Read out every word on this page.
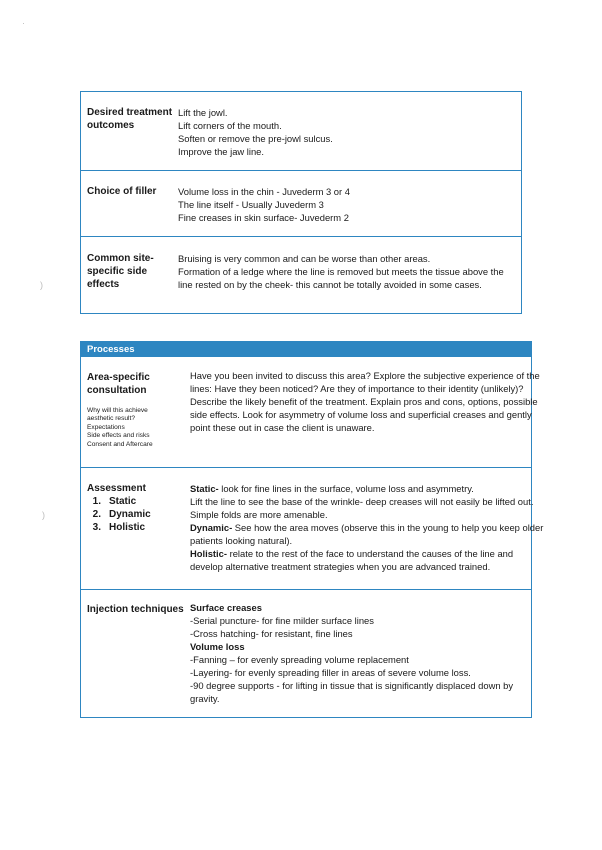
Desired treatment
outcomes
Lift the jowl.
Lift corners of the mouth.
Soften or remove the pre-jowl sulcus.
Improve the jaw line.
Choice of filler Volume loss in the chin - Juvederm 3 or 4
The line itself - Usually Juvederm 3
Fine creases in skin surface- Juvederm 2
Common site-
specific side
effects
Bruising is very common and can be worse than other areas.
Formation of a ledge where the line is removed but meets the tissue above the
line rested on by the cheek- this cannot be totally avoided in some cases.
Processes
Area-specific
consultation
Why will this achieve
aesthetic result?
Expectations
Side effects and risks
Consent and Aftercare
Have you been invited to discuss this area? Explore the subjective experience of the
lines: Have they been noticed? Are they of importance to their identity (unlikely)?
Describe the likely benefit of the treatment. Explain pros and cons, options, possible
side effects. Look for asymmetry of volume loss and superficial creases and gently
point these out in case the client is unaware.
Assessment
1. Static
2. Dynamic
3. Holistic
Static- look for fine lines in the surface, volume loss and asymmetry.
Lift the line to see the base of the wrinkle- deep creases will not easily be lifted out.
Simple folds are more amenable.
Dynamic- See how the area moves (observe this in the young to help you keep older
patients looking natural).
Holistic- relate to the rest of the face to understand the causes of the line and
develop alternative treatment strategies when you are advanced trained.
Injection techniques Surface creases
-Serial puncture- for fine milder surface lines
-Cross hatching- for resistant, fine lines
Volume loss
-Fanning – for evenly spreading volume replacement
-Layering- for evenly spreading filler in areas of severe volume loss.
-90 degree supports - for lifting in tissue that is significantly displaced down by
gravity.
·
)
)
